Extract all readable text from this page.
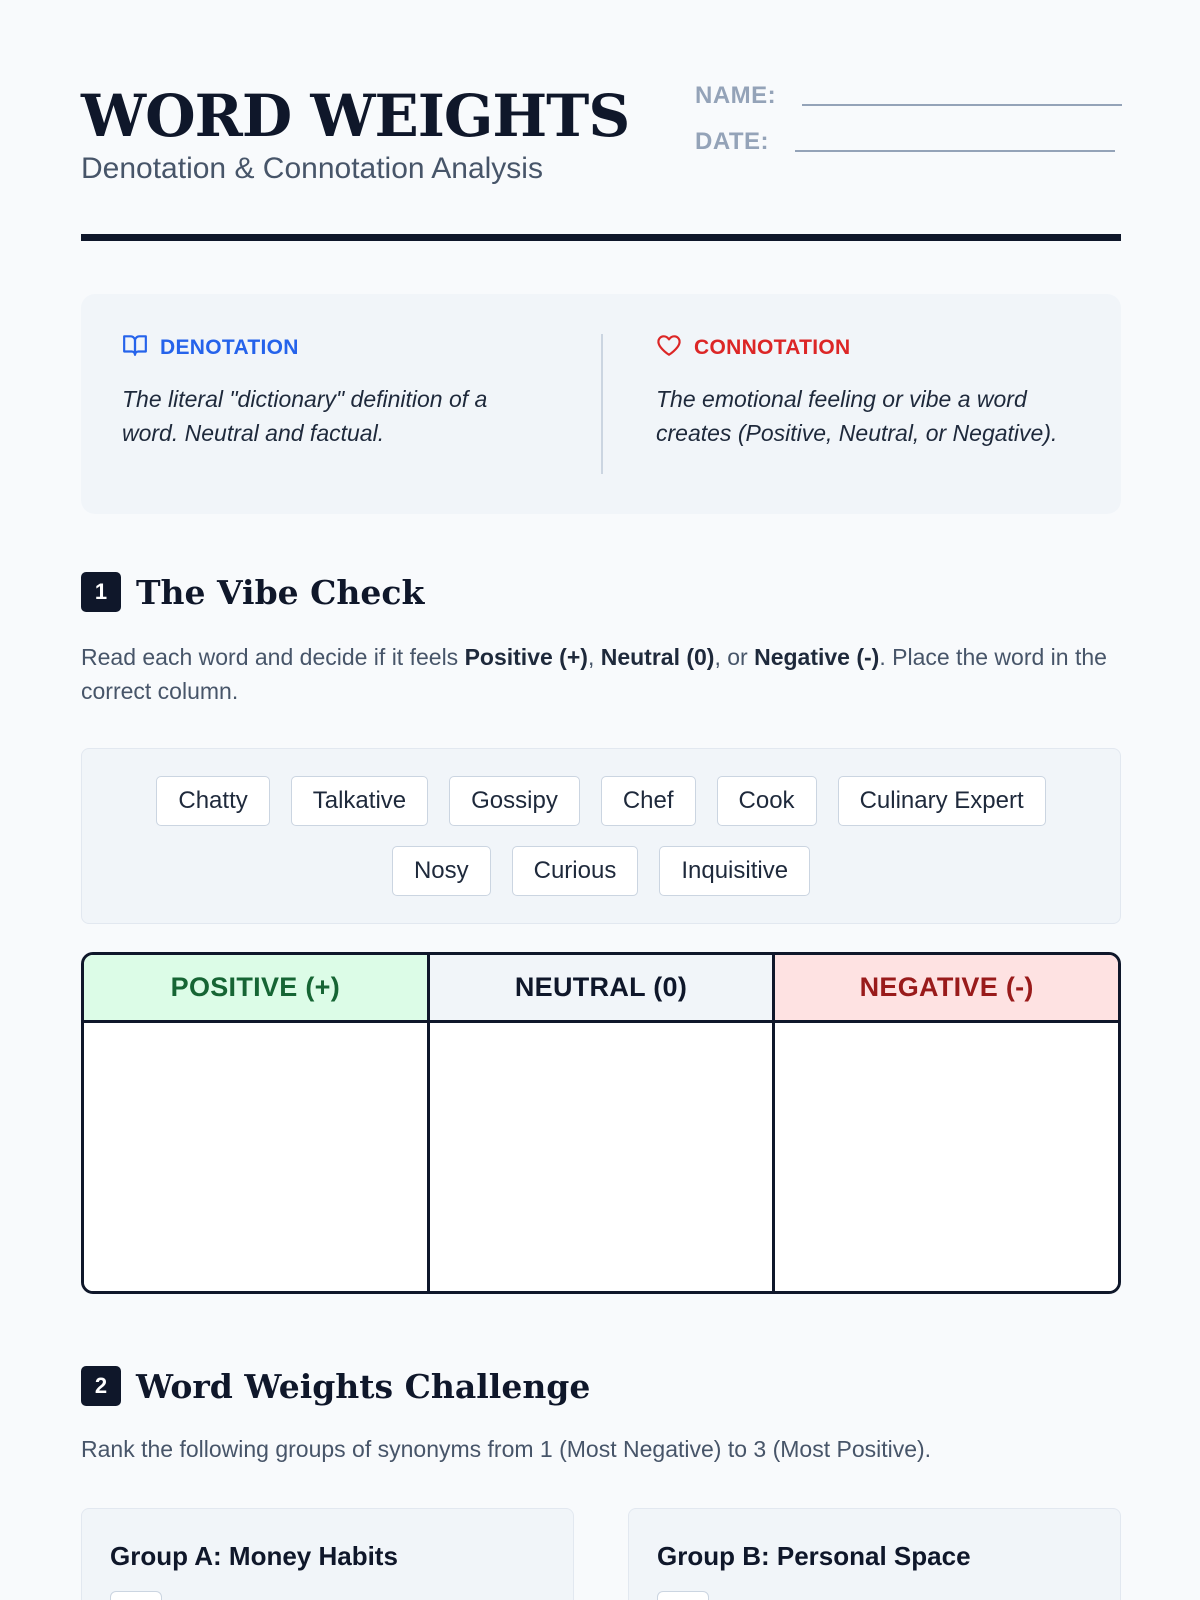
WORD WEIGHTS
Denotation & Connotation Analysis
NAME:
DATE:
DENOTATION
The literal "dictionary" definition of a word. Neutral and factual.
CONNOTATION
The emotional feeling or vibe a word creates (Positive, Neutral, or Negative).
1 The Vibe Check
Read each word and decide if it feels Positive (+), Neutral (0), or Negative (-). Place the word in the correct column.
Chatty	Talkative	Gossipy	Chef	Cook	Culinary Expert
Nosy	Curious	Inquisitive
POSITIVE (+)	NEUTRAL (0)	NEGATIVE (-)
2 Word Weights Challenge
Rank the following groups of synonyms from 1 (Most Negative) to 3 (Most Positive).
Group A: Money Habits	Group B: Personal Space
